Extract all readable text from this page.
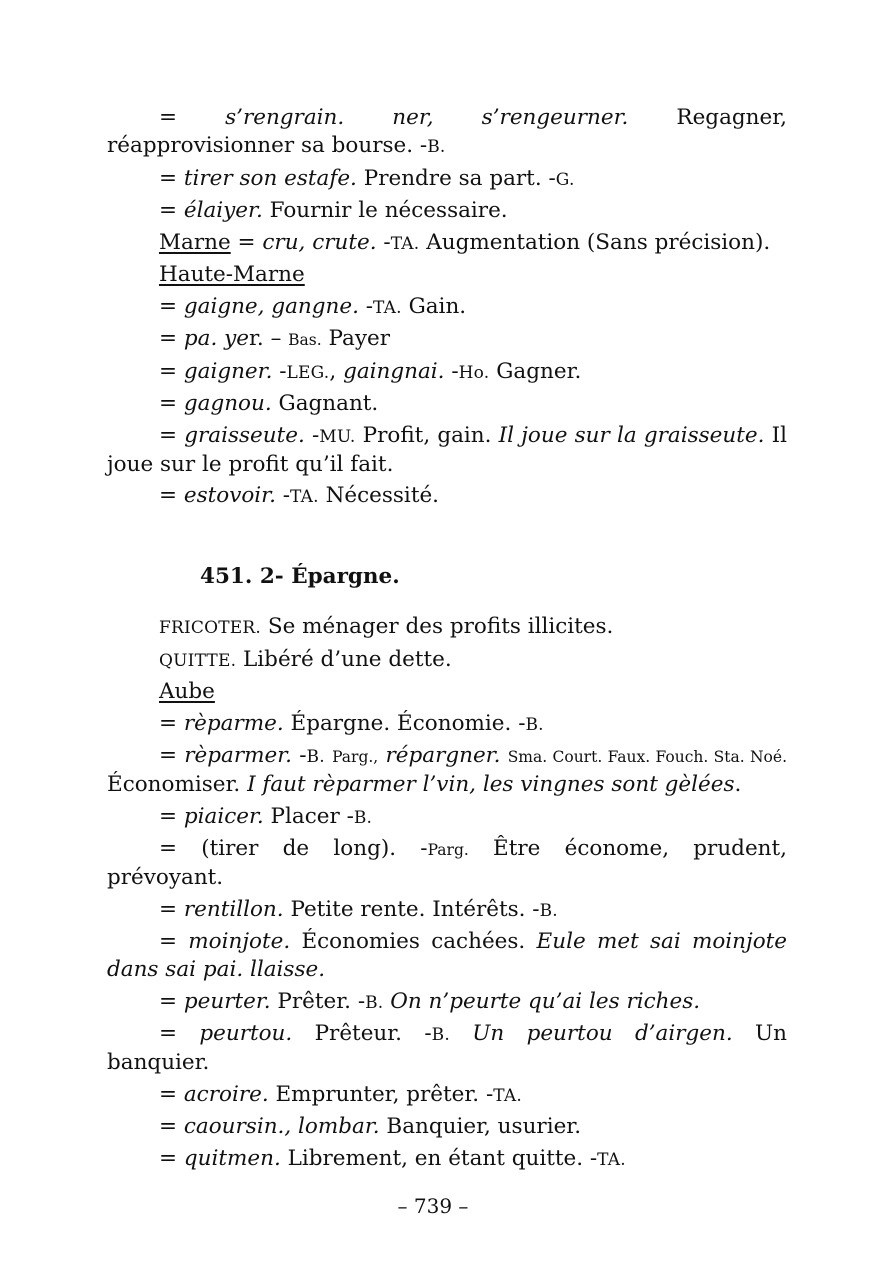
= s’rengrain. ner, s’rengeurner. Regagner, réapprovisionner sa bourse. -B.

= tirer son estafe. Prendre sa part. -G.

= élaiyer. Fournir le nécessaire.

Marne = cru, crute. -TA. Augmentation (Sans précision).

Haute-Marne

= gaigne, gangne. -TA. Gain.

= pa. yer. – Bas. Payer

= gaigner. -LEG., gaingnai. -Ho. Gagner.

= gagnou. Gagnant.

= graisseute. -MU. Profit, gain. Il joue sur la graisseute. Il joue sur le profit qu’il fait.

= estovoir. -TA. Nécessité.

451. 2- Épargne.

FRICOTER. Se ménager des profits illicites.

QUITTE. Libéré d’une dette.

Aube

= rèparme. Épargne. Économie. -B.

= rèparmer. -B. Parg., répargner. Sma. Court. Faux. Fouch. Sta. Noé. Économiser. I faut rèparmer l’vin, les vingnes sont gèlées.

= piaicer. Placer -B.

= (tirer de long). -Parg. Être économe, prudent, prévoyant.

= rentillon. Petite rente. Intérêts. -B.

= moinjote. Économies cachées. Eule met sai moinjote dans sai pai. llaisse.

= peurter. Prêter. -B. On n’peurte qu’ai les riches.

= peurtou. Prêteur. -B. Un peurtou d’airgen. Un banquier.

= acroire. Emprunter, prêter. -TA.

= caoursin., lombar. Banquier, usurier.

= quitmen. Librement, en étant quitte. -TA.

– 739 –
